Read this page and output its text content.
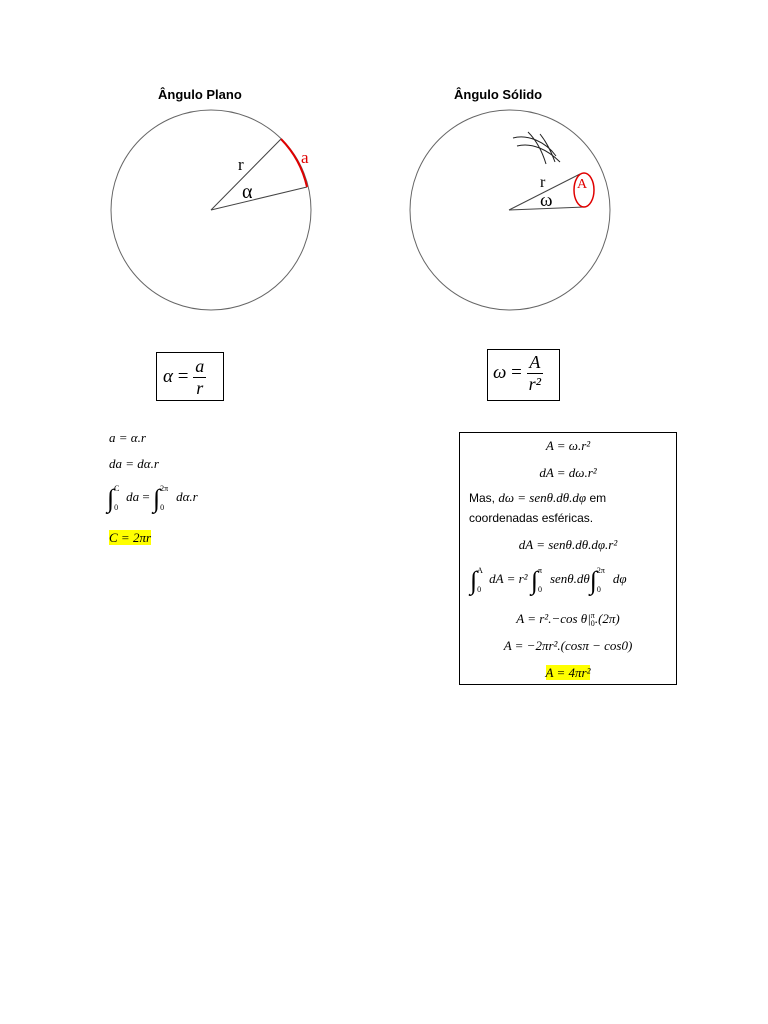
Ângulo Plano	Ângulo Sólido
r
α
a
r
ω
A
$\alpha = \frac{a}{r}$	$\omega = \frac{A}{\text{r²}}$
a = α.r
da = dα.r
∫ C
0
da = ∫ 2π
0
dα.r
C = 2πr
A = ω.r²
dA = dω.r²
Mas, dω = senθ.dθ.dφ em
coordenadas esféricas.
dA = senθ.dθ.dφ.r²
∫ A
0
dA = r² ∫ π
0
senθ.dθ∫ 2π
0
dφ
A = r².−cos θ| π
0 .(2π)
A = −2πr².(cosπ − cos0)
A = 4πr²
